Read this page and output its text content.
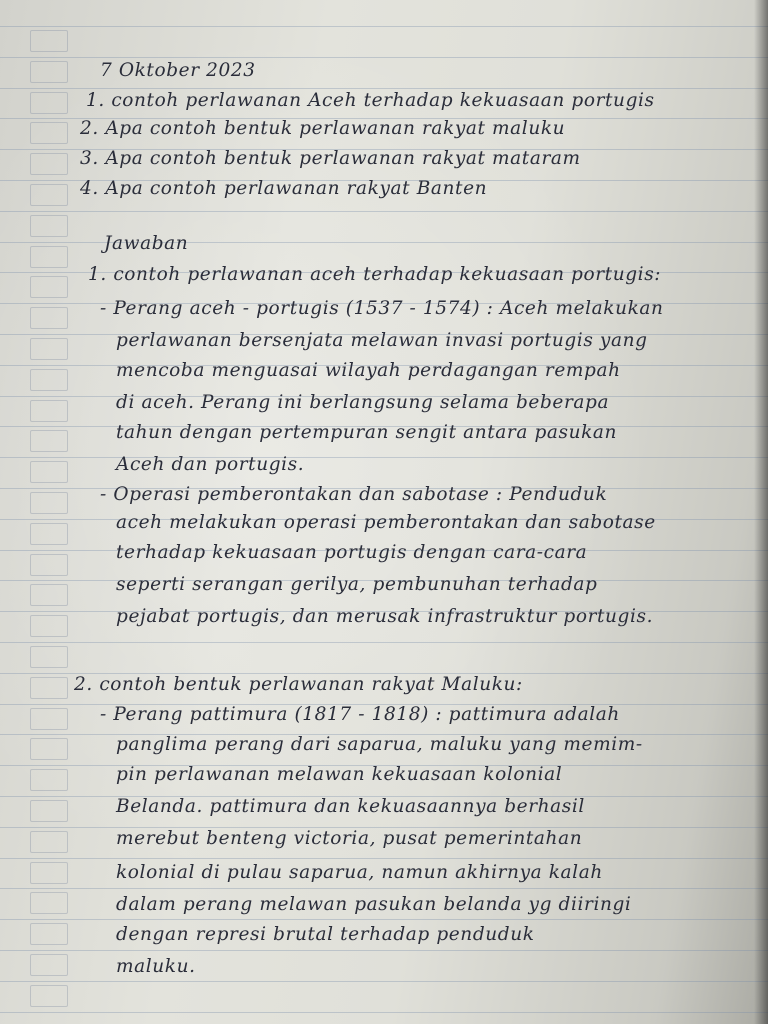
7 Oktober 2023
1. contoh perlawanan Aceh terhadap kekuasaan portugis
2. Apa contoh bentuk perlawanan rakyat maluku
3. Apa contoh bentuk perlawanan rakyat mataram
4. Apa contoh perlawanan rakyat Banten
Jawaban
1. contoh perlawanan aceh terhadap kekuasaan portugis:
- Perang aceh - portugis (1537 - 1574) : Aceh melakukan
perlawanan bersenjata melawan invasi portugis yang
mencoba menguasai wilayah perdagangan rempah
di aceh. Perang ini berlangsung selama beberapa
tahun dengan pertempuran sengit antara pasukan
Aceh dan portugis.
- Operasi pemberontakan dan sabotase : Penduduk
aceh melakukan operasi pemberontakan dan sabotase
terhadap kekuasaan portugis dengan cara-cara
seperti serangan gerilya, pembunuhan terhadap
pejabat portugis, dan merusak infrastruktur portugis.
2. contoh bentuk perlawanan rakyat Maluku:
- Perang pattimura (1817 - 1818) : pattimura adalah
panglima perang dari saparua, maluku yang memim-
pin perlawanan melawan kekuasaan kolonial
Belanda. pattimura dan kekuasaannya berhasil
merebut benteng victoria, pusat pemerintahan
kolonial di pulau saparua, namun akhirnya kalah
dalam perang melawan pasukan belanda yg diiringi
dengan represi brutal terhadap penduduk
maluku.
